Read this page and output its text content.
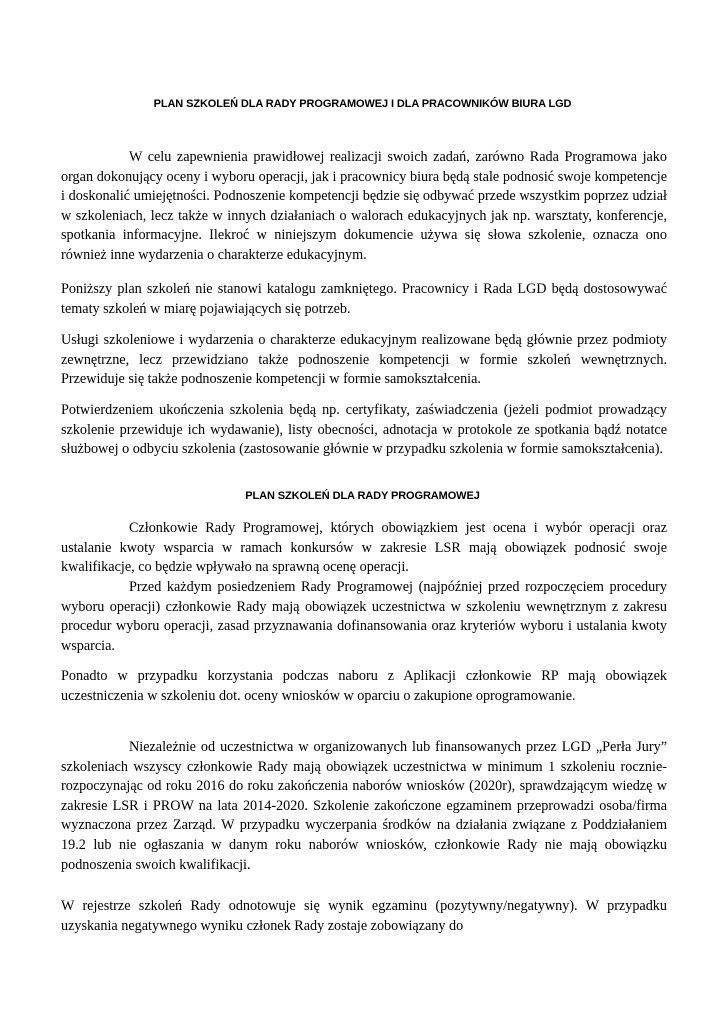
PLAN SZKOLEŃ DLA RADY PROGRAMOWEJ I DLA PRACOWNIKÓW BIURA LGD

W celu zapewnienia prawidłowej realizacji swoich zadań, zarówno Rada Programowa jako organ dokonujący oceny i wyboru operacji, jak i pracownicy biura będą stale podnosić swoje kompetencje i doskonalić umiejętności. Podnoszenie kompetencji będzie się odbywać przede wszystkim poprzez udział w szkoleniach, lecz także w innych działaniach o walorach edukacyjnych jak np. warsztaty, konferencje, spotkania informacyjne. Ilekroć w niniejszym dokumencie używa się słowa szkolenie, oznacza ono również inne wydarzenia o charakterze edukacyjnym.

Poniższy plan szkoleń nie stanowi katalogu zamkniętego. Pracownicy i Rada LGD będą dostosowywać tematy szkoleń w miarę pojawiających się potrzeb.

Usługi szkoleniowe i wydarzenia o charakterze edukacyjnym realizowane będą głównie przez podmioty zewnętrzne, lecz przewidziano także podnoszenie kompetencji w formie szkoleń wewnętrznych. Przewiduje się także podnoszenie kompetencji w formie samokształcenia.

Potwierdzeniem ukończenia szkolenia będą np. certyfikaty, zaświadczenia (jeżeli podmiot prowadzący szkolenie przewiduje ich wydawanie), listy obecności, adnotacja w protokole ze spotkania bądź notatce służbowej o odbyciu szkolenia (zastosowanie głównie w przypadku szkolenia w formie samokształcenia).

PLAN SZKOLEŃ DLA RADY PROGRAMOWEJ

Członkowie Rady Programowej, których obowiązkiem jest ocena i wybór operacji oraz ustalanie kwoty wsparcia w ramach konkursów w zakresie LSR mają obowiązek podnosić swoje kwalifikacje, co będzie wpływało na sprawną ocenę operacji.

Przed każdym posiedzeniem Rady Programowej (najpóźniej przed rozpoczęciem procedury wyboru operacji) członkowie Rady mają obowiązek uczestnictwa w szkoleniu wewnętrznym z zakresu procedur wyboru operacji, zasad przyznawania dofinansowania oraz kryteriów wyboru i ustalania kwoty wsparcia.

Ponadto w przypadku korzystania podczas naboru z Aplikacji członkowie RP mają obowiązek uczestniczenia w szkoleniu dot. oceny wniosków w oparciu o zakupione oprogramowanie.

Niezależnie od uczestnictwa w organizowanych lub finansowanych przez LGD „Perła Jury” szkoleniach wszyscy członkowie Rady mają obowiązek uczestnictwa w minimum 1 szkoleniu rocznie- rozpoczynając od roku 2016 do roku zakończenia naborów wniosków (2020r), sprawdzającym wiedzę w zakresie LSR i PROW na lata 2014-2020. Szkolenie zakończone egzaminem przeprowadzi osoba/firma wyznaczona przez Zarząd. W przypadku wyczerpania środków na działania związane z Poddziałaniem 19.2 lub nie ogłaszania w danym roku naborów wniosków, członkowie Rady nie mają obowiązku podnoszenia swoich kwalifikacji.

W rejestrze szkoleń Rady odnotowuje się wynik egzaminu (pozytywny/negatywny). W przypadku uzyskania negatywnego wyniku członek Rady zostaje zobowiązany do
